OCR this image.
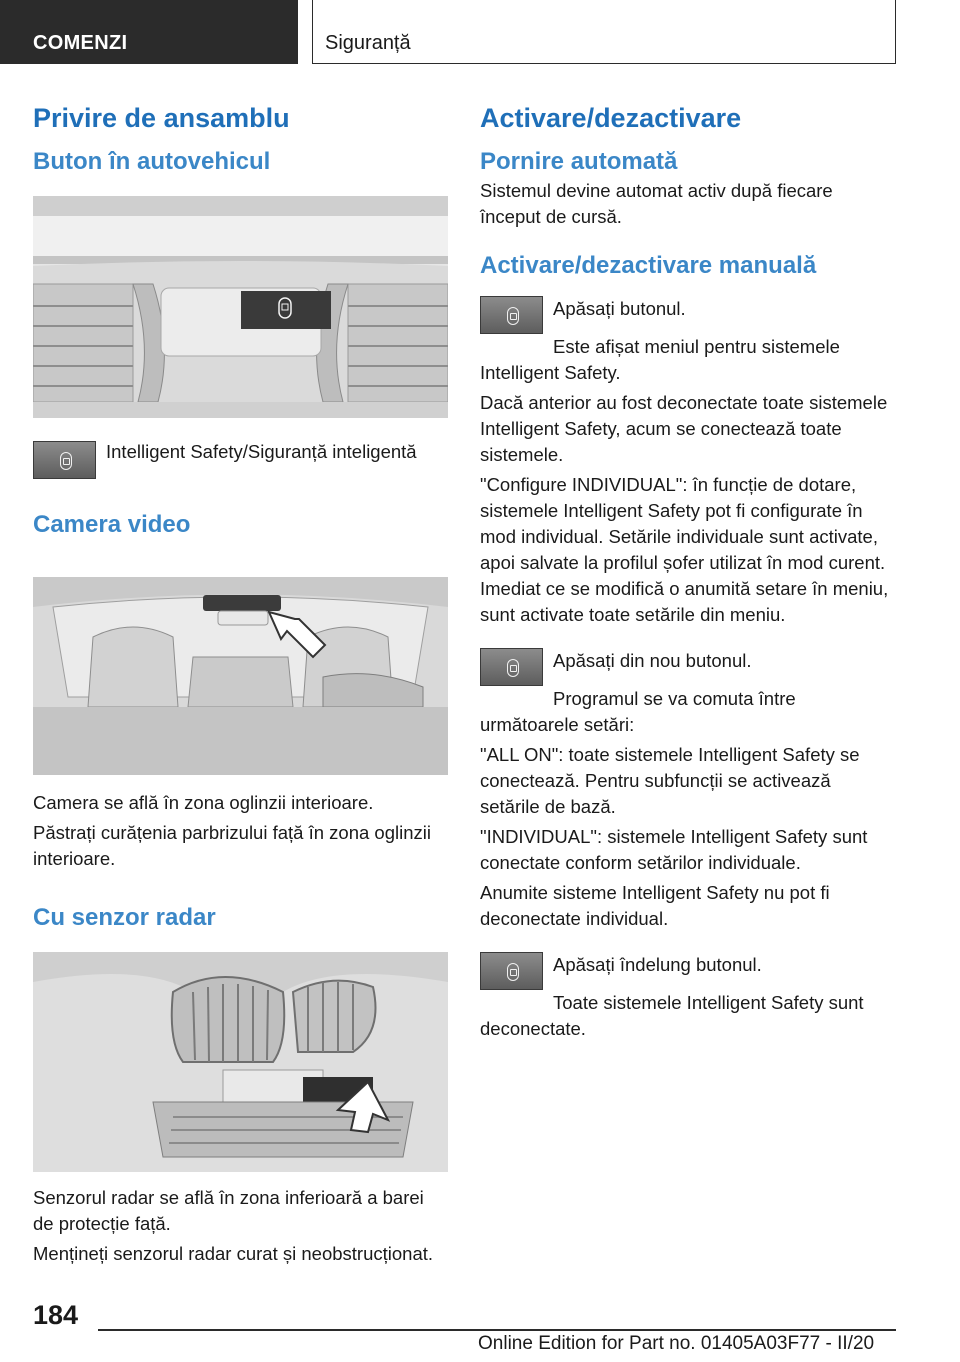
COMENZI	Siguranță
Privire de ansamblu
Buton în autovehicul

Intelligent Safety/Siguranță inteligentă

Camera video

Camera se află în zona oglinzii interioare.

Păstrați curățenia parbrizului față în zona oglinzii interioare.

Cu senzor radar

Senzorul radar se află în zona inferioară a barei de protecție față.

Mențineți senzorul radar curat și neobstrucționat.

Activare/dezactivare
Pornire automată

Sistemul devine automat activ după fiecare început de cursă.

Activare/dezactivare manuală

Apăsați butonul.

Este afișat meniul pentru sistemele Intelligent Safety.

Dacă anterior au fost deconectate toate sistemele Intelligent Safety, acum se conectează toate sistemele.

"Configure INDIVIDUAL": în funcție de dotare, sistemele Intelligent Safety pot fi configurate în mod individual. Setările individuale sunt activate, apoi salvate la profilul șofer utilizat în mod curent. Imediat ce se modifică o anumită setare în meniu, sunt activate toate setările din meniu.

Apăsați din nou butonul.

Programul se va comuta între următoarele setări:

"ALL ON": toate sistemele Intelligent Safety se conectează. Pentru subfuncții se activează setările de bază.

"INDIVIDUAL": sistemele Intelligent Safety sunt conectate conform setărilor individuale.

Anumite sisteme Intelligent Safety nu pot fi deconectate individual.

Apăsați îndelung butonul.

Toate sistemele Intelligent Safety sunt deconectate.

184
Online Edition for Part no. 01405A03F77 - II/20
